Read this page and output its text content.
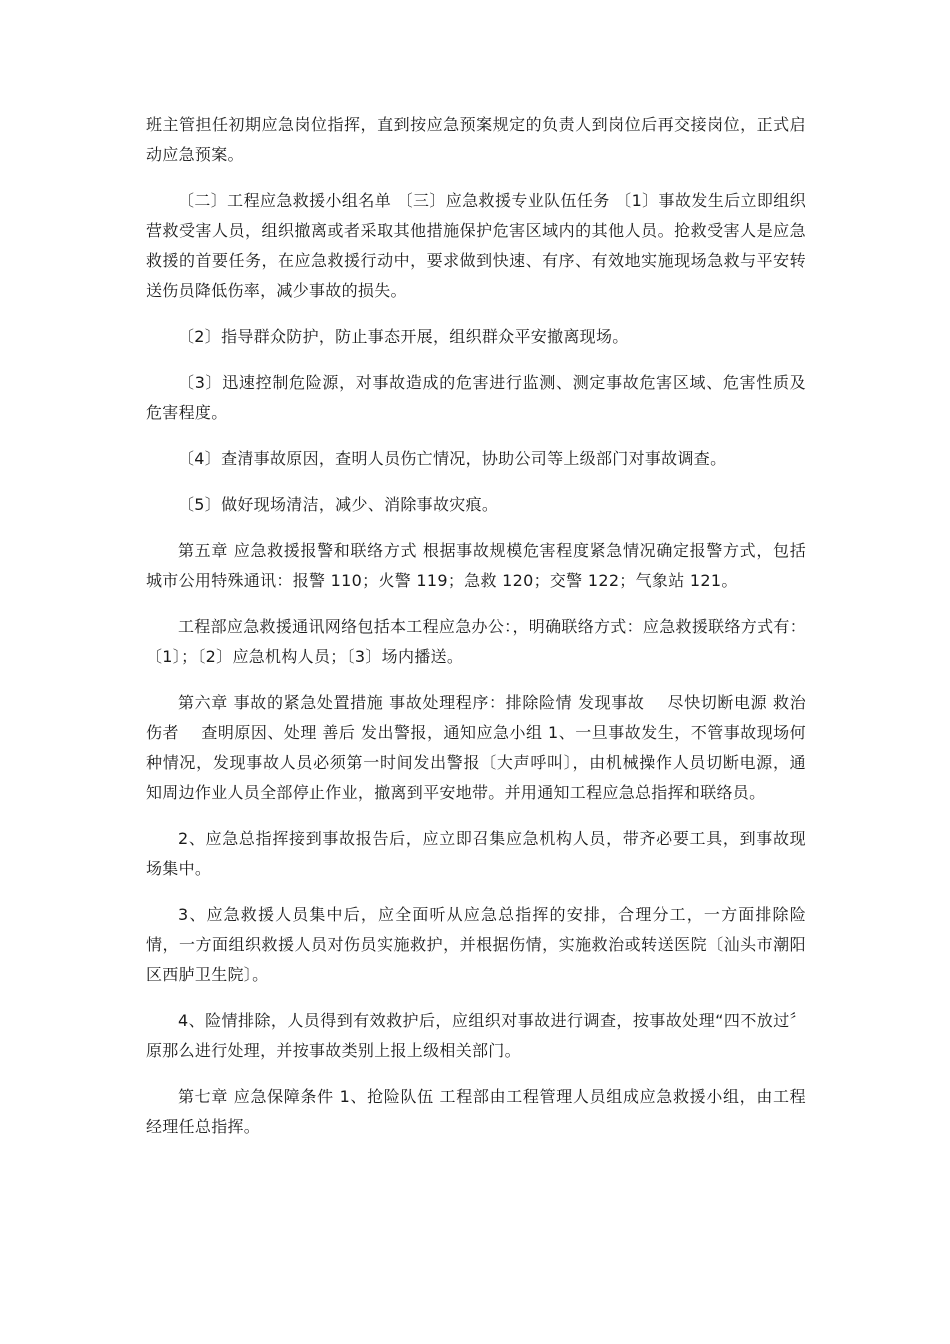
班主管担任初期应急岗位指挥，直到按应急预案规定的负责人到岗位后再交接岗位，正式启动应急预案。

〔二〕工程应急救援小组名单 〔三〕应急救援专业队伍任务 〔1〕事故发生后立即组织营救受害人员，组织撤离或者采取其他措施保护危害区域内的其他人员。抢救受害人是应急救援的首要任务，在应急救援行动中，要求做到快速、有序、有效地实施现场急救与平安转送伤员降低伤率，减少事故的损失。

〔2〕指导群众防护，防止事态开展，组织群众平安撤离现场。

〔3〕迅速控制危险源，对事故造成的危害进行监测、测定事故危害区域、危害性质及危害程度。

〔4〕查清事故原因，查明人员伤亡情况，协助公司等上级部门对事故调查。

〔5〕做好现场清洁，减少、消除事故灾痕。

第五章 应急救援报警和联络方式 根据事故规模危害程度紧急情况确定报警方式，包括城市公用特殊通讯：报警 110；火警 119；急救 120；交警 122；气象站 121。

工程部应急救援通讯网络包括本工程应急办公：，明确联络方式：应急救援联络方式有：〔1〕；〔2〕应急机构人员；〔3〕场内播送。

第六章 事故的紧急处置措施 事故处理程序：排除险情 发现事故    尽快切断电源 救治伤者    查明原因、处理 善后 发出警报，通知应急小组 1、一旦事故发生，不管事故现场何种情况，发现事故人员必须第一时间发出警报〔大声呼叫〕，由机械操作人员切断电源，通知周边作业人员全部停止作业，撤离到平安地带。并用通知工程应急总指挥和联络员。

2、应急总指挥接到事故报告后，应立即召集应急机构人员，带齐必要工具，到事故现场集中。

3、应急救援人员集中后，应全面听从应急总指挥的安排，合理分工，一方面排除险情，一方面组织救援人员对伤员实施救护，并根据伤情，实施救治或转送医院〔汕头市潮阳区西胪卫生院〕。

4、险情排除，人员得到有效救护后，应组织对事故进行调查，按事故处理“四不放过〞原那么进行处理，并按事故类别上报上级相关部门。

第七章 应急保障条件 1、抢险队伍 工程部由工程管理人员组成应急救援小组，由工程经理任总指挥。
